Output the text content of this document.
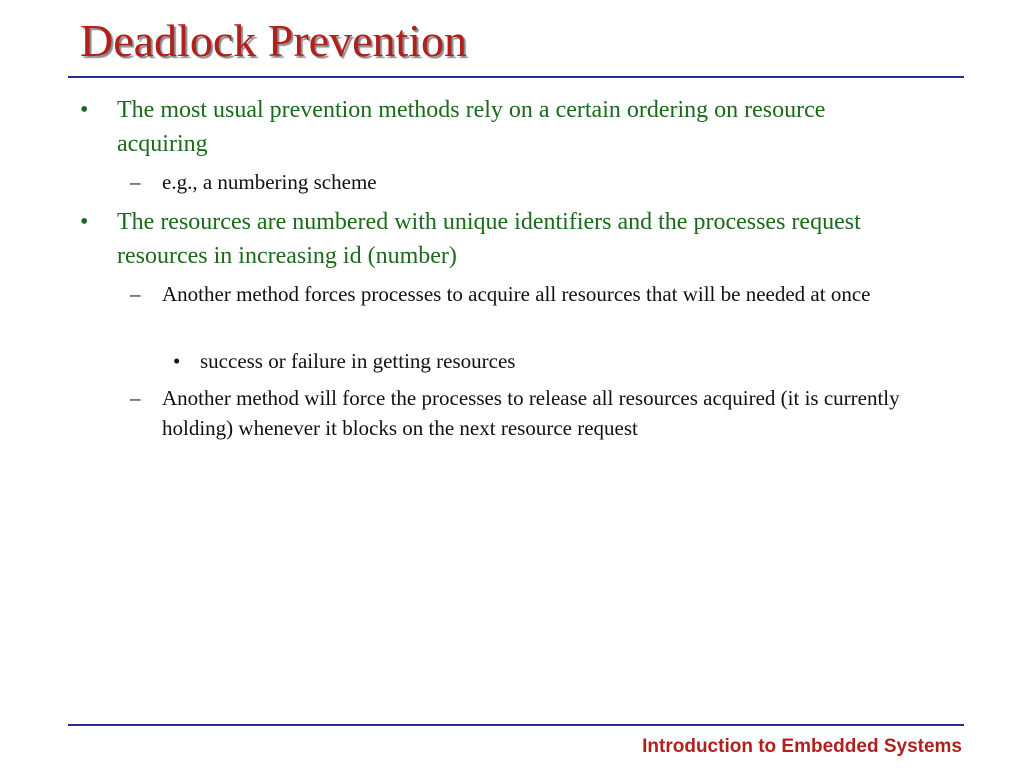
Deadlock Prevention

• The most usual prevention methods rely on a certain ordering on resource acquiring

– e.g., a numbering scheme

• The resources are numbered with unique identifiers and the processes request resources in increasing id (number)

– Another method forces processes to acquire all resources that will be needed at once

• success or failure in getting resources

– Another method will force the processes to release all resources acquired (it is currently holding) whenever it blocks on the next resource request

Introduction to Embedded Systems
